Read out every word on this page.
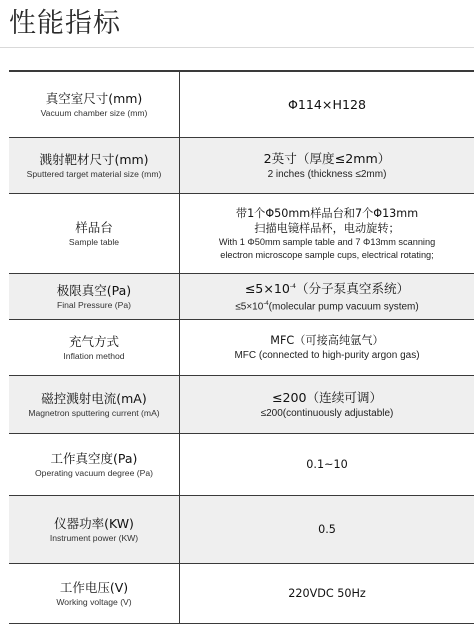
性能指标
真空室尺寸(mm)
Vacuum chamber size (mm)
Φ114×H128
溅射靶材尺寸(mm)
Sputtered target material size (mm)
2英寸（厚度≤2mm）
2 inches (thickness ≤2mm)
样品台
Sample table
带1个Φ50mm样品台和7个Φ13mm
扫描电镜样品杯，电动旋转；
With 1 Φ50mm sample table and 7 Φ13mm scanning
electron microscope sample cups, electrical rotating;
极限真空(Pa)
Final Pressure (Pa)
$\le 5\times 10^{-4}$（分子泵真空系统）
$\le 5\times 10^{-4}(molecular$ pump vacuum system)
充气方式
Inflation method
MFC（可接高纯氩气）
MFC (connected to high-purity argon gas)
磁控溅射电流(mA)
Magnetron sputtering current (mA)
≤200（连续可调）
≤200(continuously adjustable)
工作真空度(Pa)
Operating vacuum degree (Pa)
0.1~10
仪器功率(KW)
Instrument power (KW)
0.5
工作电压(V)
Working voltage (V)
220VDC 50Hz
